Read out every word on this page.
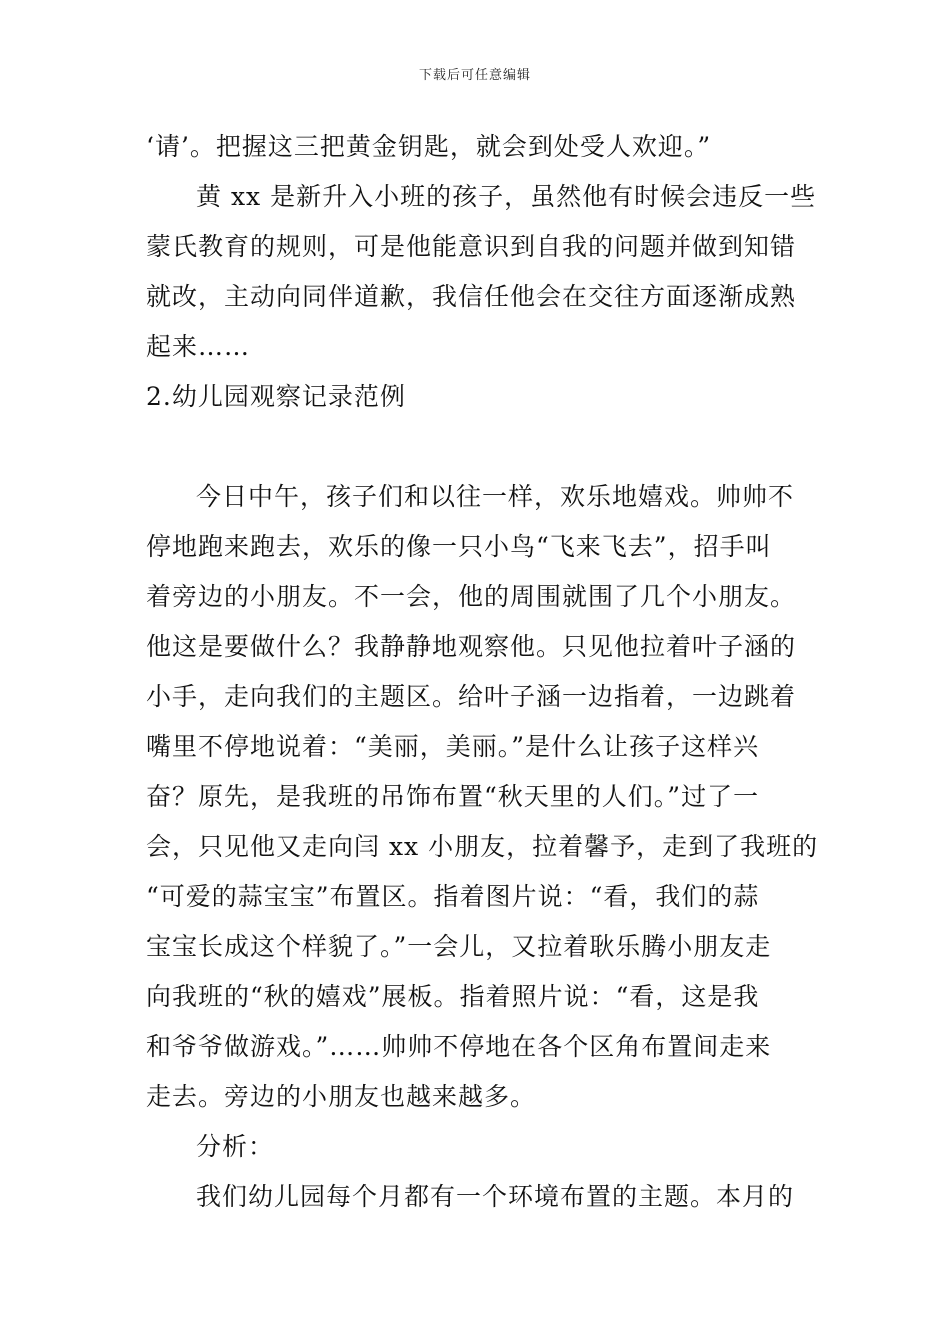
下载后可任意编辑
‘请’。把握这三把黄金钥匙，就会到处受人欢迎。”
黄 xx 是新升入小班的孩子，虽然他有时候会违反一些
蒙氏教育的规则，可是他能意识到自我的问题并做到知错
就改，主动向同伴道歉，我信任他会在交往方面逐渐成熟
起来……
2.幼儿园观察记录范例
今日中午，孩子们和以往一样，欢乐地嬉戏。帅帅不
停地跑来跑去，欢乐的像一只小鸟“飞来飞去”，招手叫
着旁边的小朋友。不一会，他的周围就围了几个小朋友。
他这是要做什么？我静静地观察他。只见他拉着叶子涵的
小手，走向我们的主题区。给叶子涵一边指着，一边跳着
嘴里不停地说着：“美丽，美丽。”是什么让孩子这样兴
奋？原先，是我班的吊饰布置“秋天里的人们。”过了一
会，只见他又走向闫 xx 小朋友，拉着馨予，走到了我班的
“可爱的蒜宝宝”布置区。指着图片说：“看，我们的蒜
宝宝长成这个样貌了。”一会儿，又拉着耿乐腾小朋友走
向我班的“秋的嬉戏”展板。指着照片说：“看，这是我
和爷爷做游戏。”……帅帅不停地在各个区角布置间走来
走去。旁边的小朋友也越来越多。
分析：
我们幼儿园每个月都有一个环境布置的主题。本月的
